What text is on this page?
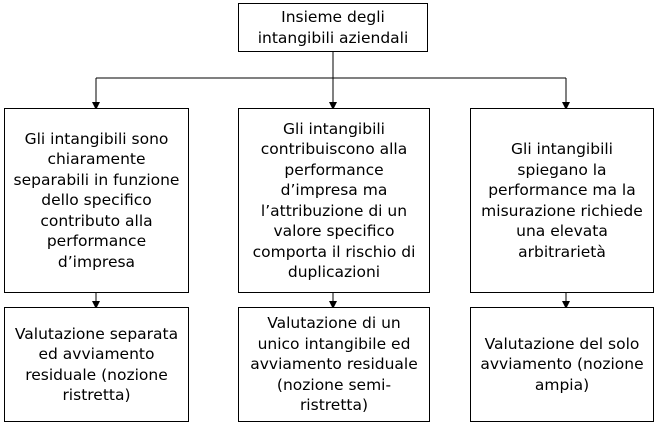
Insieme degli
intangibili aziendali
Gli intangibili sono
chiaramente
separabili in funzione
dello specifico
contributo alla
performance
d’impresa
Gli intangibili
contribuiscono alla
performance
d’impresa ma
l’attribuzione di un
valore specifico
comporta il rischio di
duplicazioni
Gli intangibili
spiegano la
performance ma la
misurazione richiede
una elevata
arbitrarietà
Valutazione separata
ed avviamento
residuale (nozione
ristretta)
Valutazione di un
unico intangibile ed
avviamento residuale
(nozione semi-
ristretta)
Valutazione del solo
avviamento (nozione
ampia)
